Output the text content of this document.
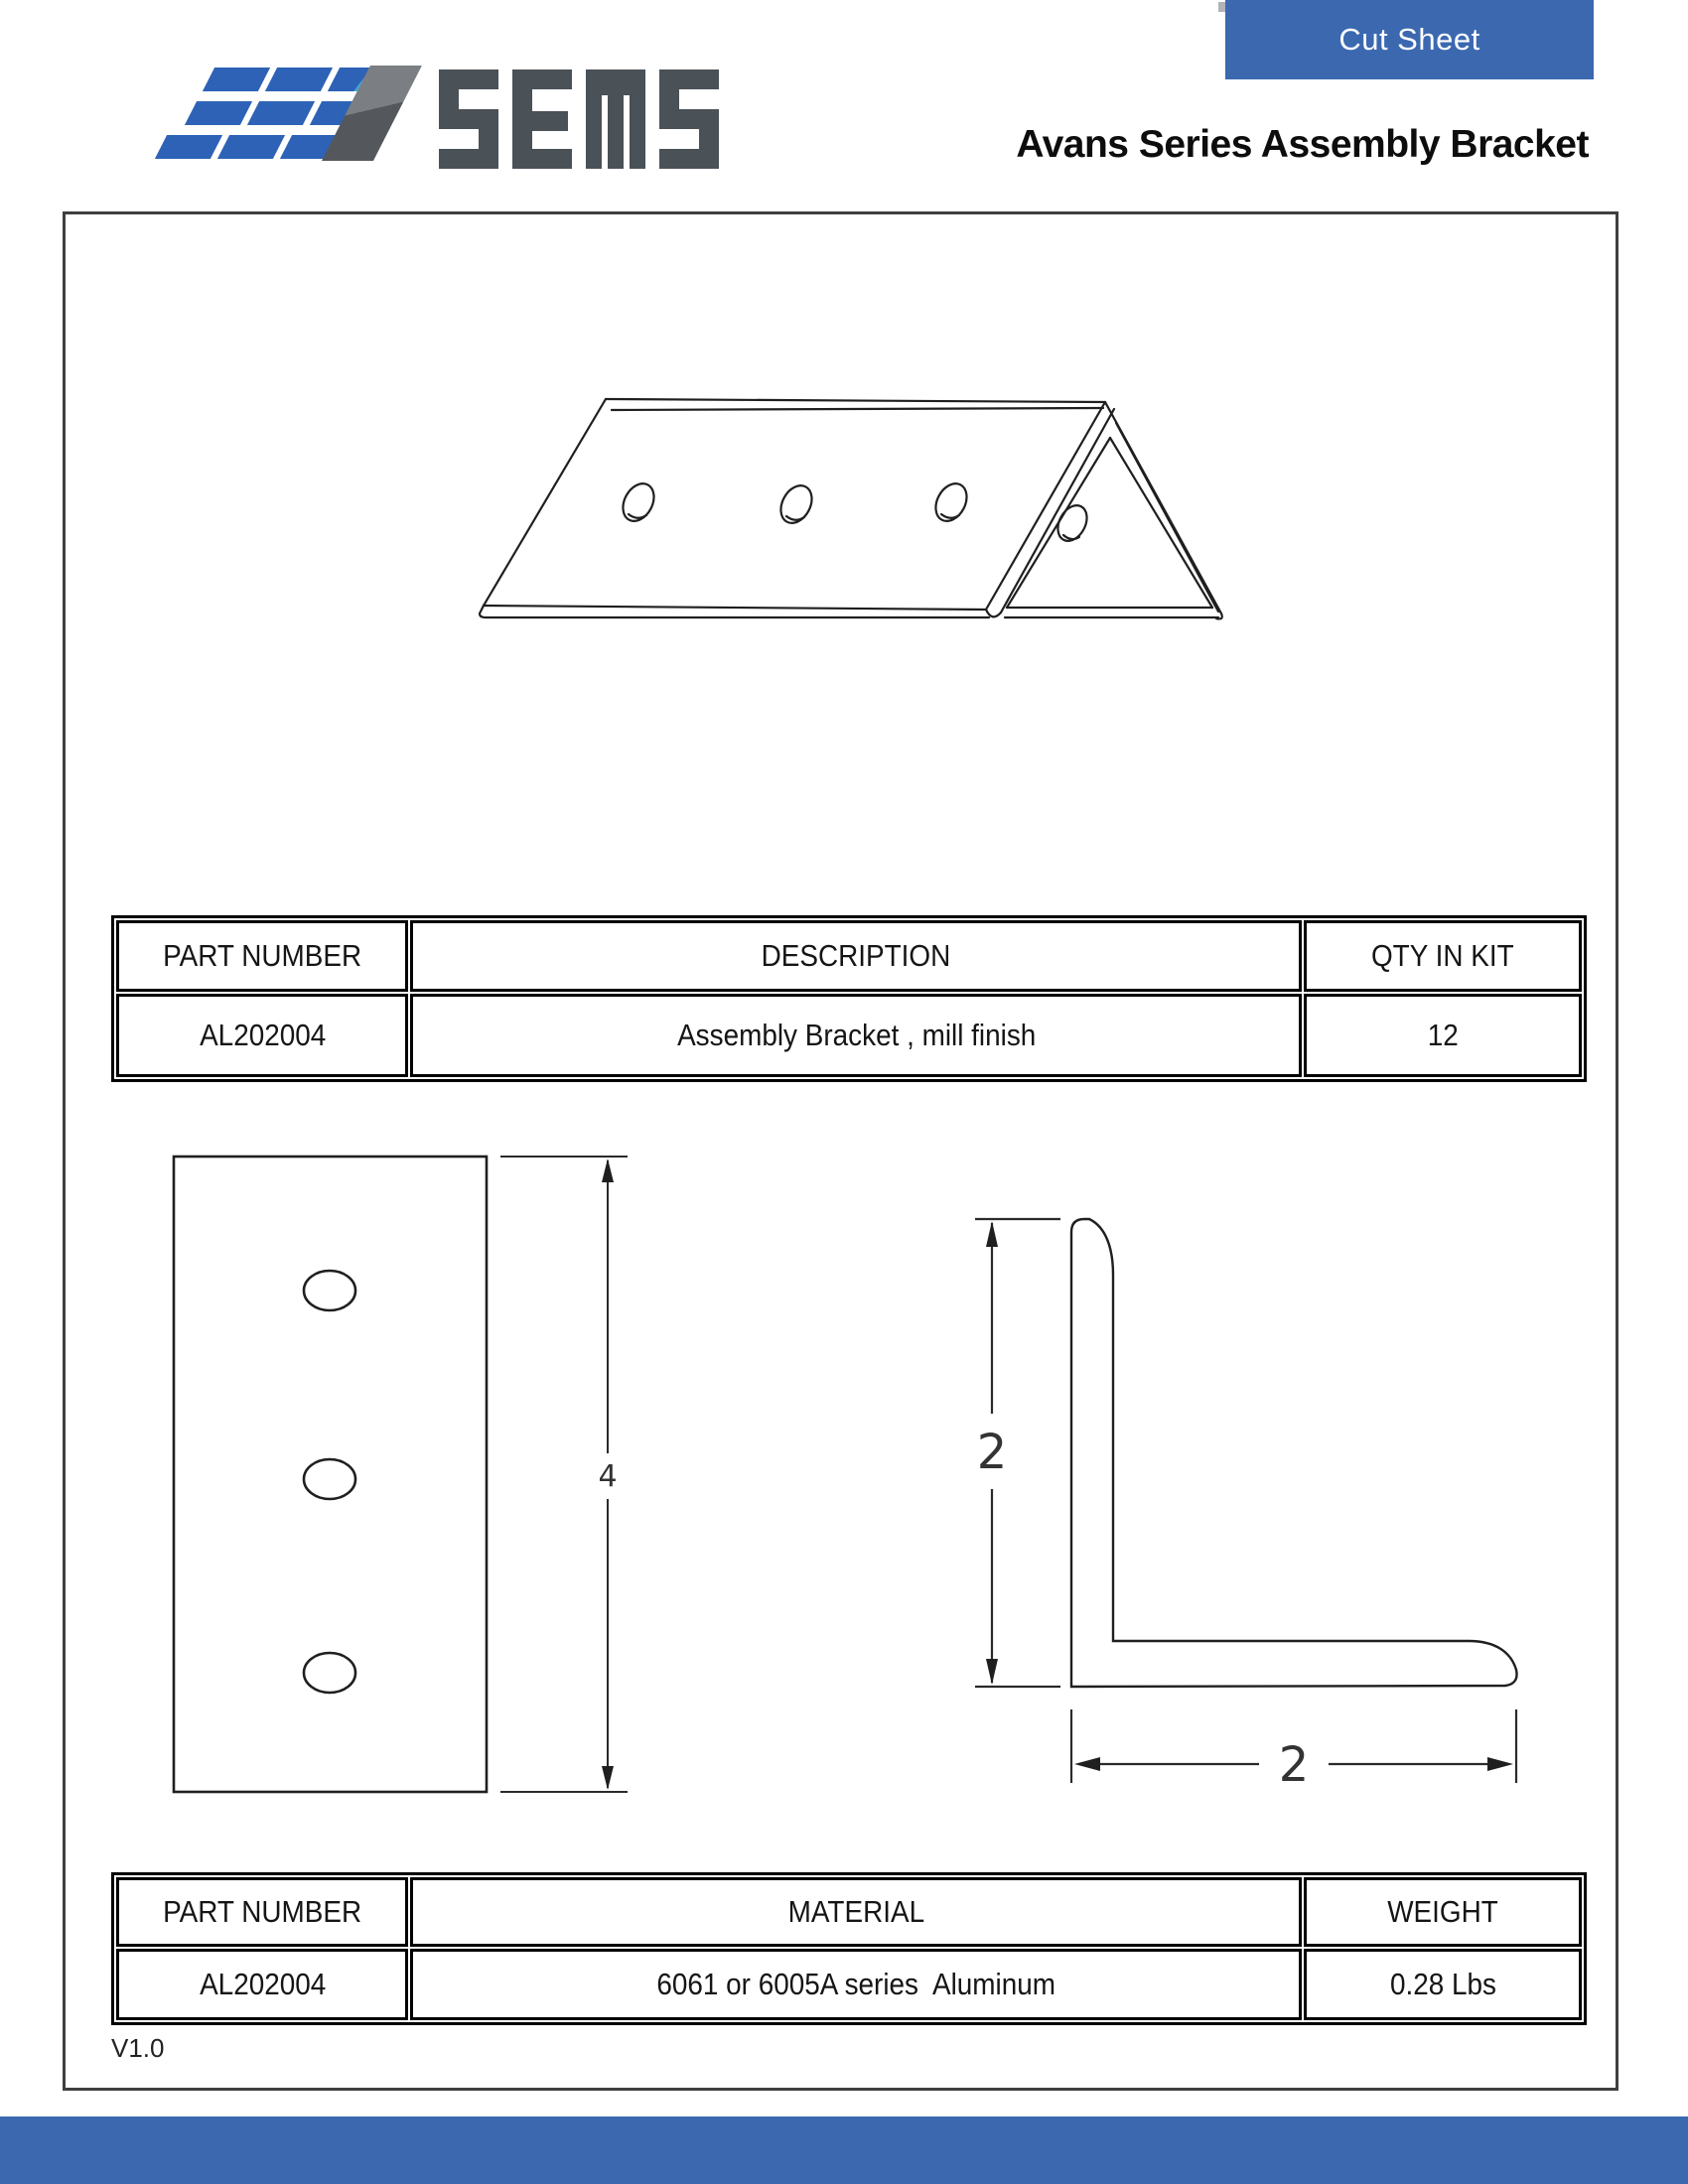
Cut Sheet
Avans Series Assembly Bracket
4	2
2
PART NUMBER	DESCRIPTION	QTY IN KIT
AL202004	Assembly Bracket , mill finish	12
PART NUMBER	MATERIAL	WEIGHT
AL202004	6061 or 6005A series  Aluminum	0.28 Lbs
V1.0
